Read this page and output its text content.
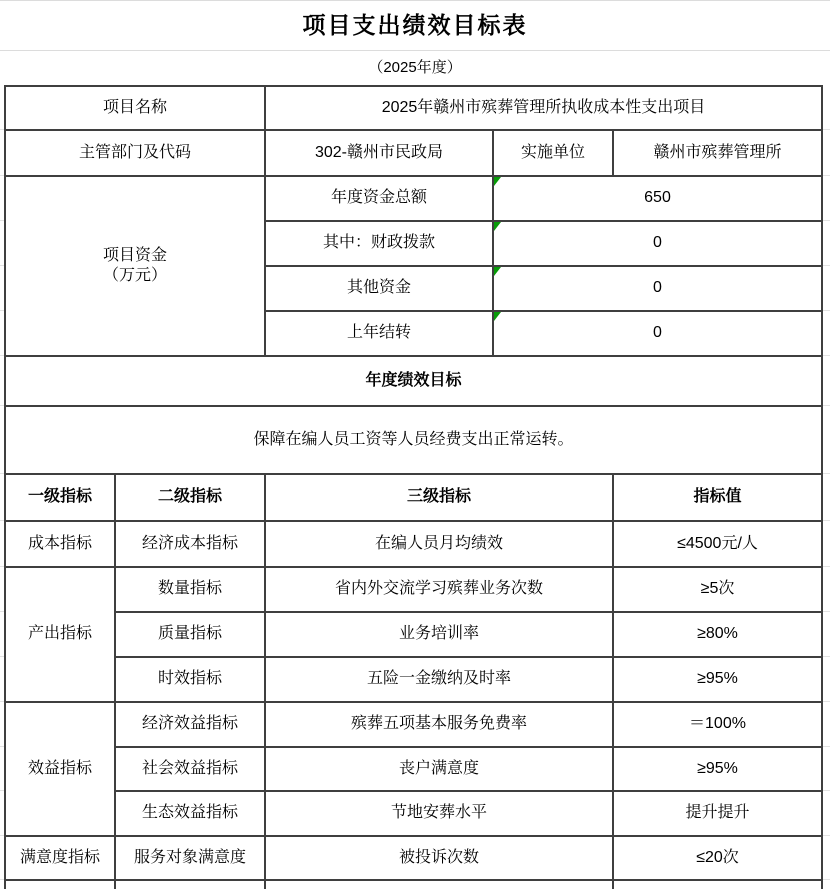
项目支出绩效目标表						
（2025年度）						
	项目名称		2025年赣州市殡葬管理所执收成本性支出项目			
	主管部门及代码		302-赣州市民政局	实施单位	赣州市殡葬管理所	

	项目资金
（万元）		年度资金总额	650		
			其中：财政拨款	0		
			其他资金	0		
			上年结转	0		
	年度绩效目标					
	保障在编人员工资等人员经费支出正常运转。					
	一级指标	二级指标	三级指标		指标值	
	成本指标	经济成本指标	在编人员月均绩效		≤4500元/人	
	产出指标	数量指标	省内外交流学习殡葬业务次数		≥5次	
		质量指标	业务培训率		≥80%	
		时效指标	五险一金缴纳及时率		≥95%	
	效益指标	经济效益指标	殡葬五项基本服务免费率		＝100%	
		社会效益指标	丧户满意度		≥95%	
		生态效益指标	节地安葬水平		提升提升	
	满意度指标	服务对象满意度	被投诉次数		≤20次	
